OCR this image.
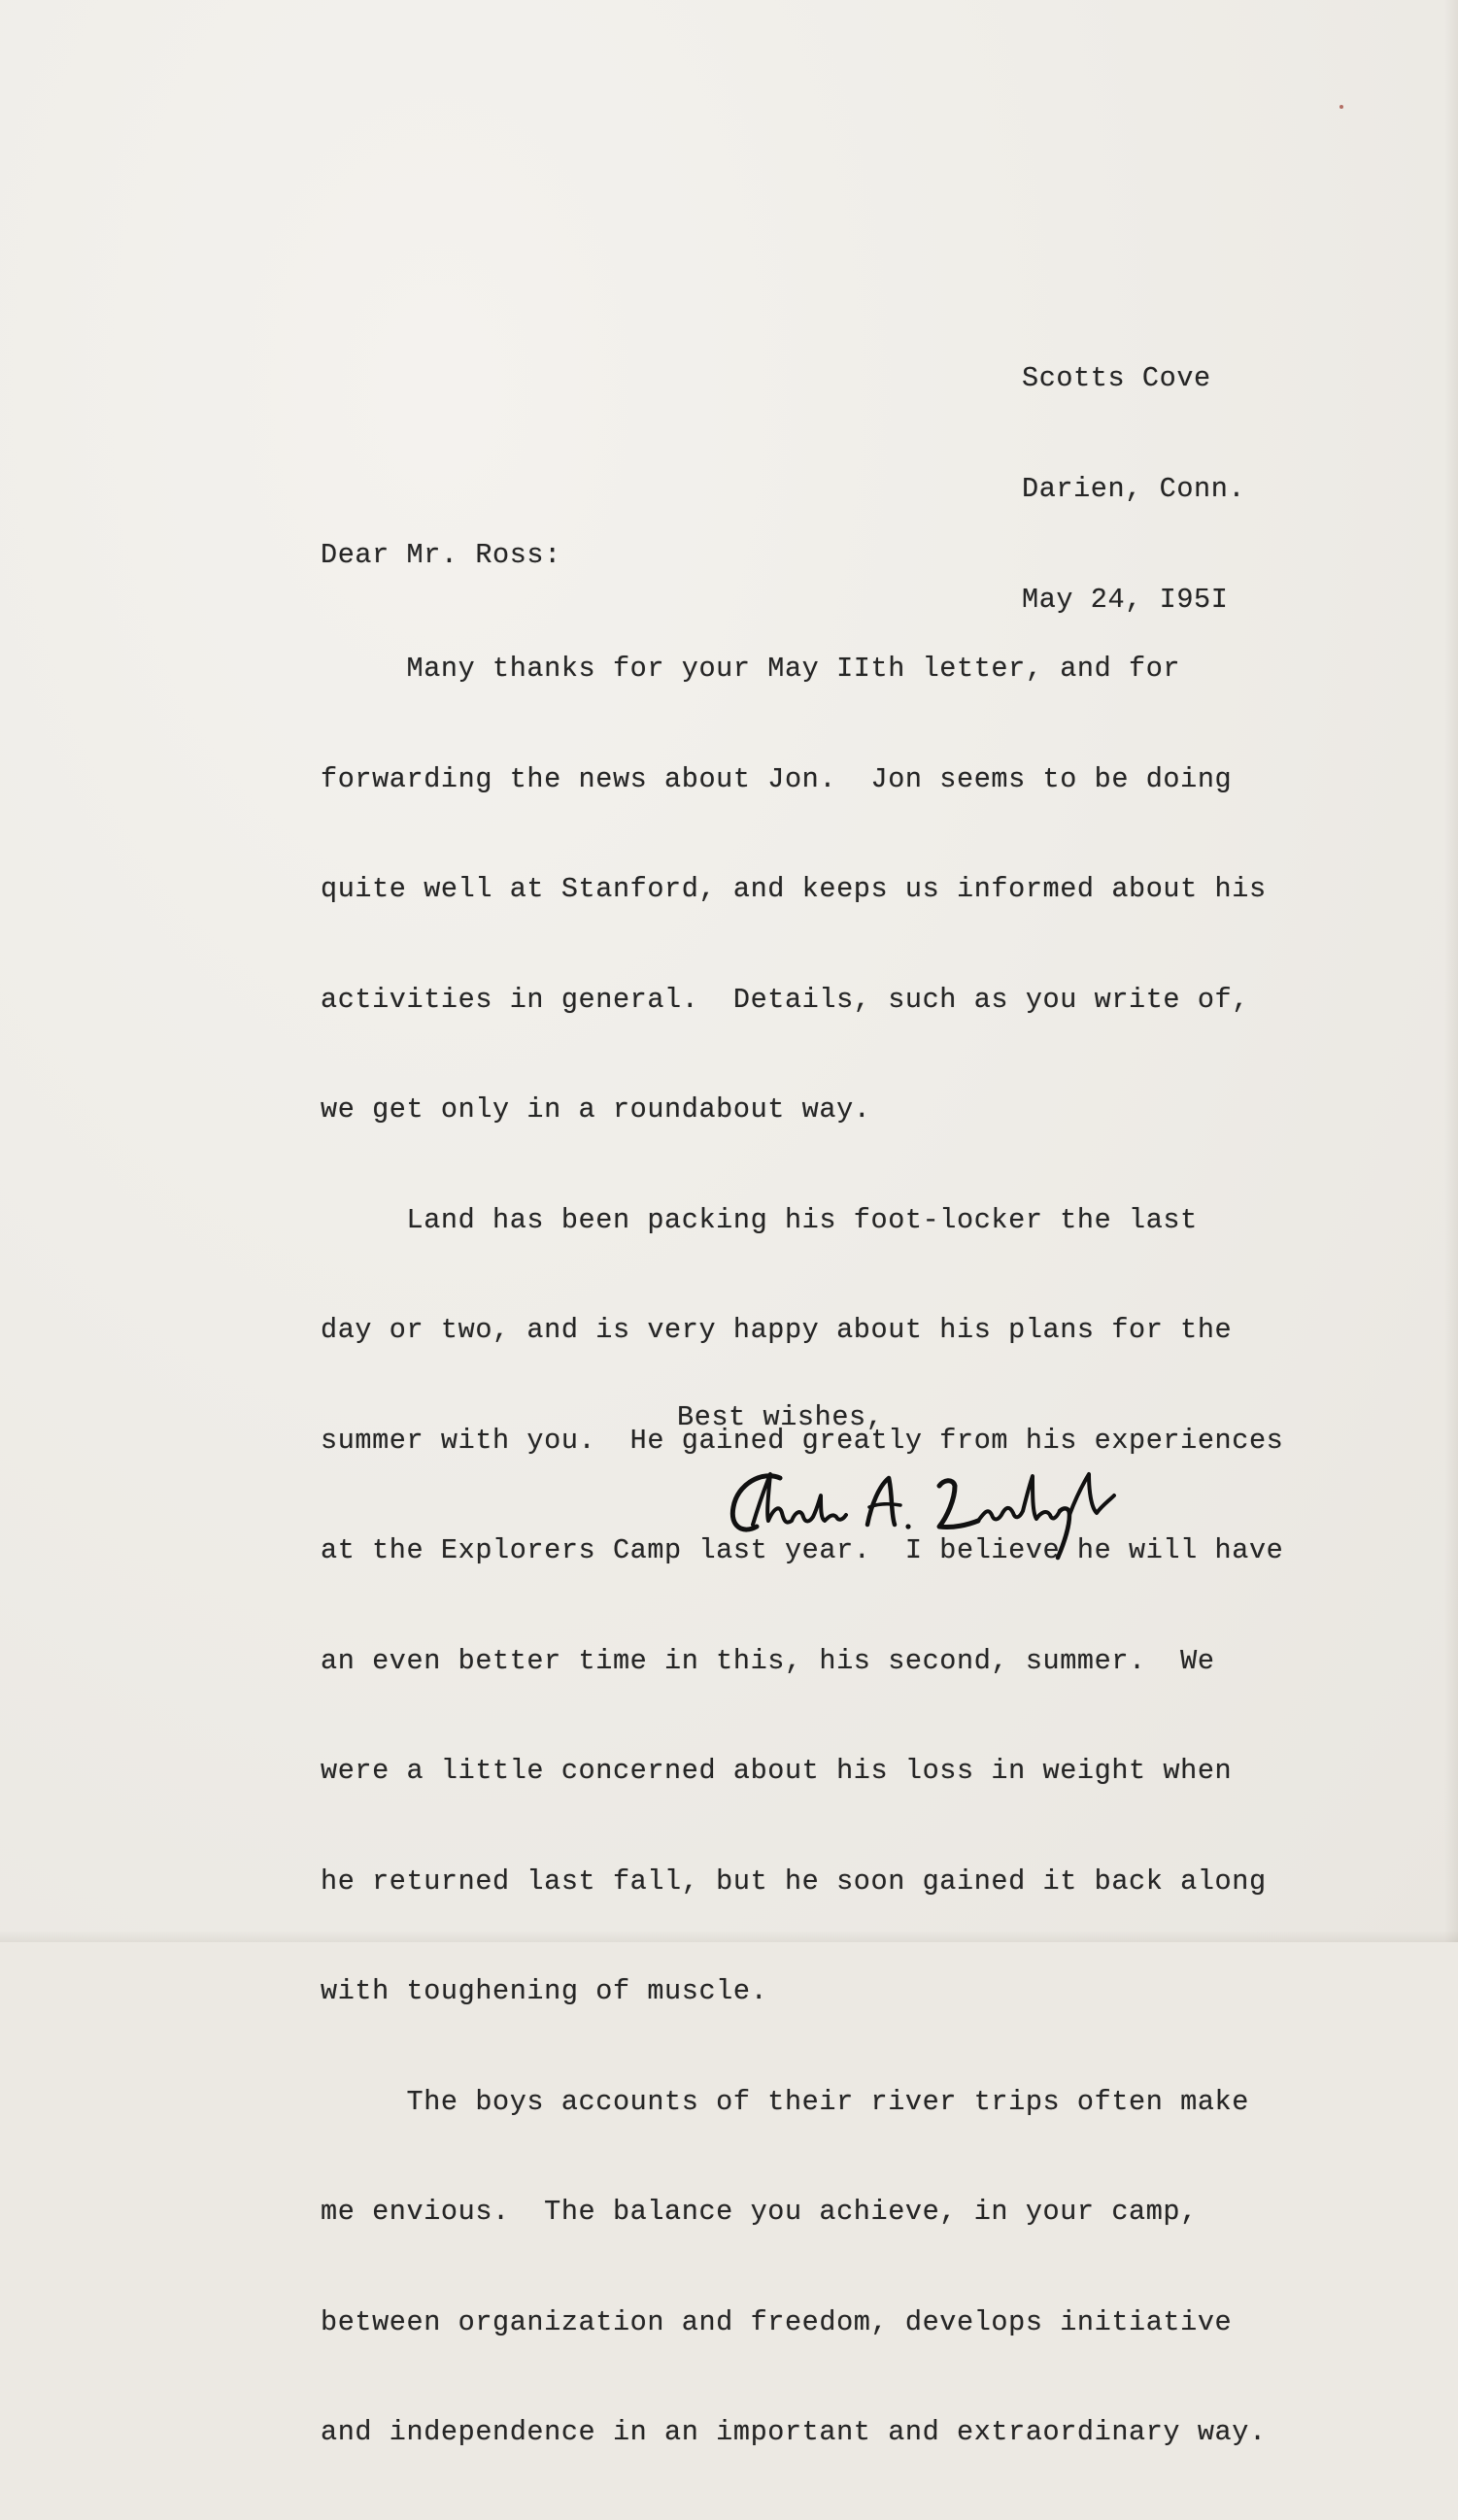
Scotts Cove

Darien, Conn.

May 24, I95I

Dear Mr. Ross:

Many thanks for your May IIth letter, and for

forwarding the news about Jon.  Jon seems to be doing

quite well at Stanford, and keeps us informed about his

activities in general.  Details, such as you write of,

we get only in a roundabout way.

Land has been packing his foot-locker the last

day or two, and is very happy about his plans for the

summer with you.  He gained greatly from his experiences

at the Explorers Camp last year.  I believe he will have

an even better time in this, his second, summer.  We

were a little concerned about his loss in weight when

he returned last fall, but he soon gained it back along

with toughening of muscle.

The boys accounts of their river trips often make

me envious.  The balance you achieve, in your camp,

between organization and freedom, develops initiative

and independence in an important and extraordinary way.

Best wishes,
